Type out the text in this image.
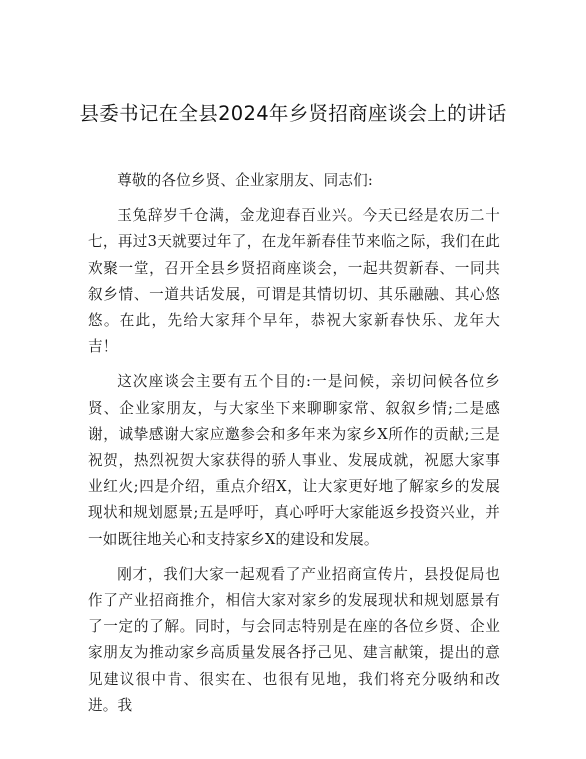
县委书记在全县2024年乡贤招商座谈会上的讲话

尊敬的各位乡贤、企业家朋友、同志们:

玉兔辞岁千仓满，金龙迎春百业兴。今天已经是农历二十七，再过3天就要过年了，在龙年新春佳节来临之际，我们在此欢聚一堂，召开全县乡贤招商座谈会，一起共贺新春、一同共叙乡情、一道共话发展，可谓是其情切切、其乐融融、其心悠悠。在此，先给大家拜个早年，恭祝大家新春快乐、龙年大吉！

这次座谈会主要有五个目的:一是问候，亲切问候各位乡贤、企业家朋友，与大家坐下来聊聊家常、叙叙乡情;二是感谢，诚挚感谢大家应邀参会和多年来为家乡X所作的贡献;三是祝贺，热烈祝贺大家获得的骄人事业、发展成就，祝愿大家事业红火;四是介绍，重点介绍X，让大家更好地了解家乡的发展现状和规划愿景;五是呼吁，真心呼吁大家能返乡投资兴业，并一如既往地关心和支持家乡X的建设和发展。

刚才，我们大家一起观看了产业招商宣传片，县投促局也作了产业招商推介，相信大家对家乡的发展现状和规划愿景有了一定的了解。同时，与会同志特别是在座的各位乡贤、企业家朋友为推动家乡高质量发展各抒己见、建言献策，提出的意见建议很中肯、很实在、也很有见地，我们将充分吸纳和改进。我
